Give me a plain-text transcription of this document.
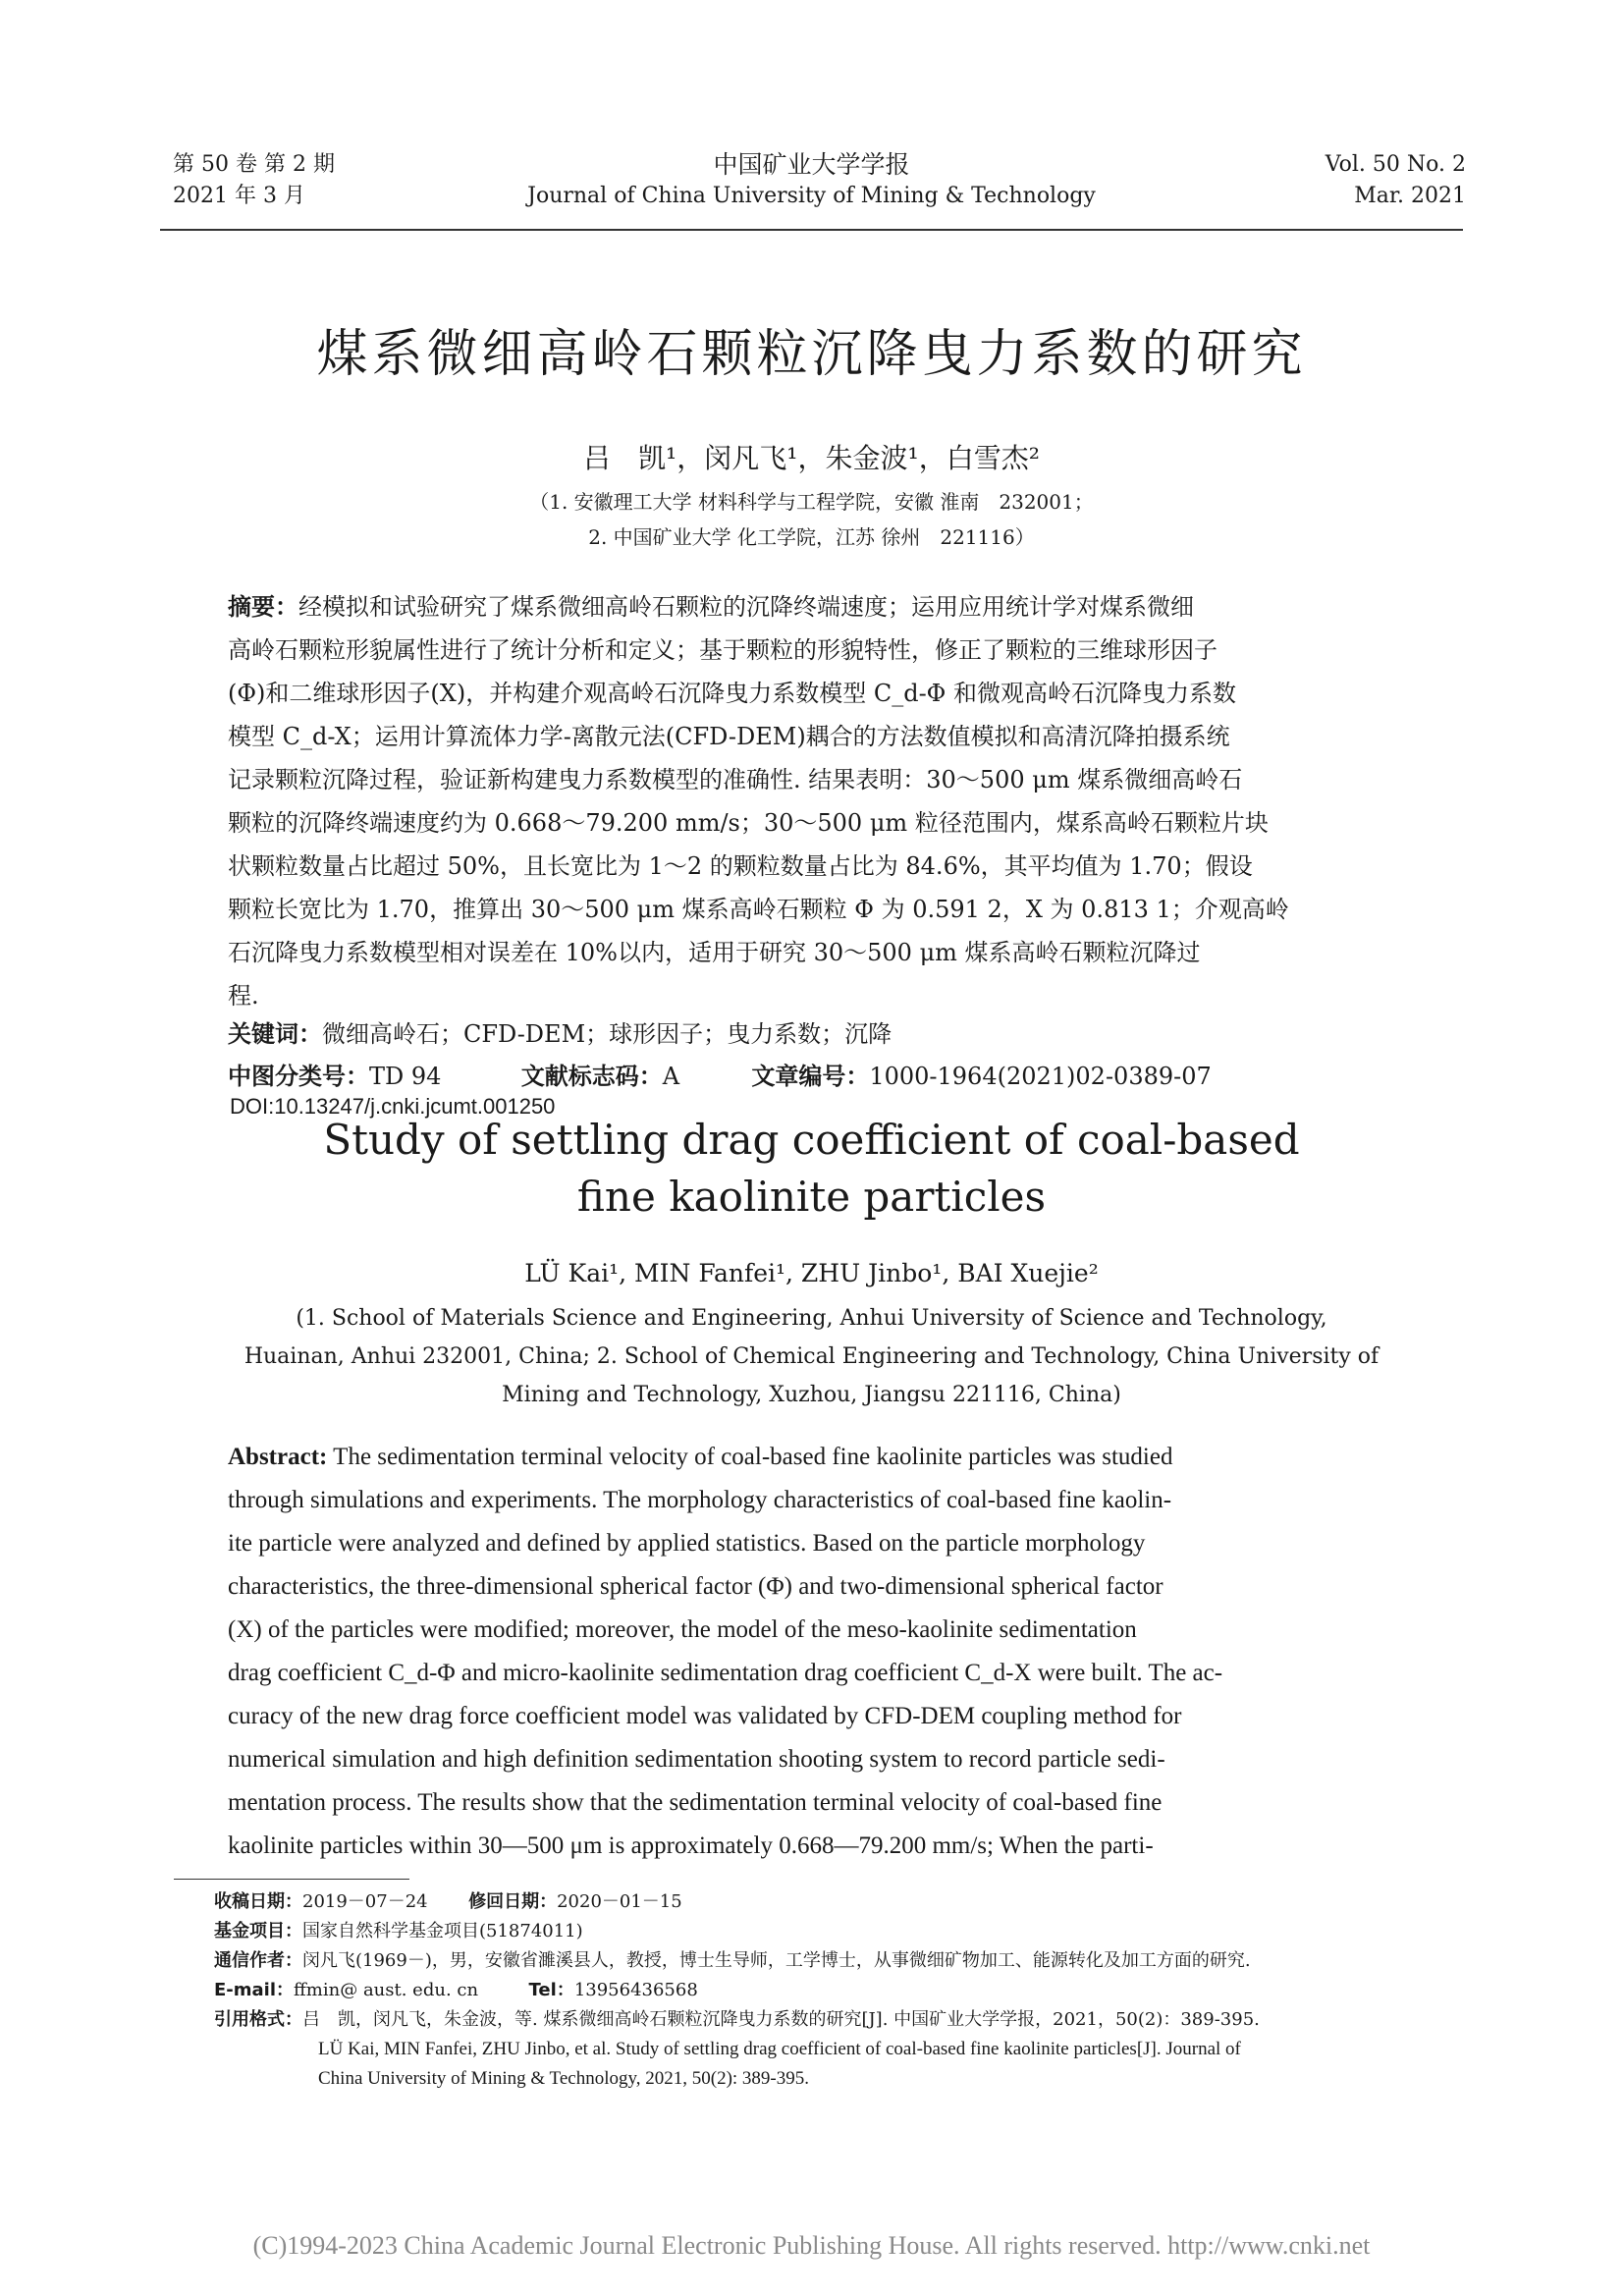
第 50 卷 第 2 期
2021 年 3 月
中国矿业大学学报
Journal of China University of Mining & Technology
Vol. 50 No. 2
Mar. 2021
煤系微细高岭石颗粒沉降曳力系数的研究
吕　凯¹，闵凡飞¹，朱金波¹，白雪杰²
（1. 安徽理工大学 材料科学与工程学院，安徽 淮南　232001；
2. 中国矿业大学 化工学院，江苏 徐州　221116）
摘要：经模拟和试验研究了煤系微细高岭石颗粒的沉降终端速度；运用应用统计学对煤系微细
高岭石颗粒形貌属性进行了统计分析和定义；基于颗粒的形貌特性，修正了颗粒的三维球形因子
(Φ)和二维球形因子(X)，并构建介观高岭石沉降曳力系数模型 C_d-Φ 和微观高岭石沉降曳力系数
模型 C_d-X；运用计算流体力学-离散元法(CFD-DEM)耦合的方法数值模拟和高清沉降拍摄系统
记录颗粒沉降过程，验证新构建曳力系数模型的准确性. 结果表明：30～500 μm 煤系微细高岭石
颗粒的沉降终端速度约为 0.668～79.200 mm/s；30～500 μm 粒径范围内，煤系高岭石颗粒片块
状颗粒数量占比超过 50%，且长宽比为 1～2 的颗粒数量占比为 84.6%，其平均值为 1.70；假设
颗粒长宽比为 1.70，推算出 30～500 μm 煤系高岭石颗粒 Φ 为 0.591 2，X 为 0.813 1；介观高岭
石沉降曳力系数模型相对误差在 10%以内，适用于研究 30～500 μm 煤系高岭石颗粒沉降过
程.
关键词：微细高岭石；CFD-DEM；球形因子；曳力系数；沉降
中图分类号：TD 94	文献标志码：A	文章编号：1000-1964(2021)02-0389-07
DOI:10.13247/j.cnki.jcumt.001250
Study of settling drag coefficient of coal-based
fine kaolinite particles
LÜ Kai¹, MIN Fanfei¹, ZHU Jinbo¹, BAI Xuejie²
(1. School of Materials Science and Engineering, Anhui University of Science and Technology,
Huainan, Anhui 232001, China; 2. School of Chemical Engineering and Technology, China University of
Mining and Technology, Xuzhou, Jiangsu 221116, China)
Abstract: The sedimentation terminal velocity of coal-based fine kaolinite particles was studied
through simulations and experiments. The morphology characteristics of coal-based fine kaolin-
ite particle were analyzed and defined by applied statistics. Based on the particle morphology
characteristics, the three-dimensional spherical factor (Φ) and two-dimensional spherical factor
(X) of the particles were modified; moreover, the model of the meso-kaolinite sedimentation
drag coefficient C_d-Φ and micro-kaolinite sedimentation drag coefficient C_d-X were built. The ac-
curacy of the new drag force coefficient model was validated by CFD-DEM coupling method for
numerical simulation and high definition sedimentation shooting system to record particle sedi-
mentation process. The results show that the sedimentation terminal velocity of coal-based fine
kaolinite particles within 30—500 μm is approximately 0.668—79.200 mm/s; When the parti-
收稿日期：2019－07－24 修回日期：2020－01－15
基金项目：国家自然科学基金项目(51874011)
通信作者：闵凡飞(1969－)，男，安徽省濉溪县人，教授，博士生导师，工学博士，从事微细矿物加工、能源转化及加工方面的研究.
E-mail：ffmin@ aust. edu. cn	Tel：13956436568
引用格式：吕　凯，闵凡飞，朱金波，等. 煤系微细高岭石颗粒沉降曳力系数的研究[J]. 中国矿业大学学报，2021，50(2)：389-395.
LÜ Kai, MIN Fanfei, ZHU Jinbo, et al. Study of settling drag coefficient of coal-based fine kaolinite particles[J]. Journal of
China University of Mining & Technology, 2021, 50(2): 389-395.
(C)1994-2023 China Academic Journal Electronic Publishing House. All rights reserved. http://www.cnki.net
